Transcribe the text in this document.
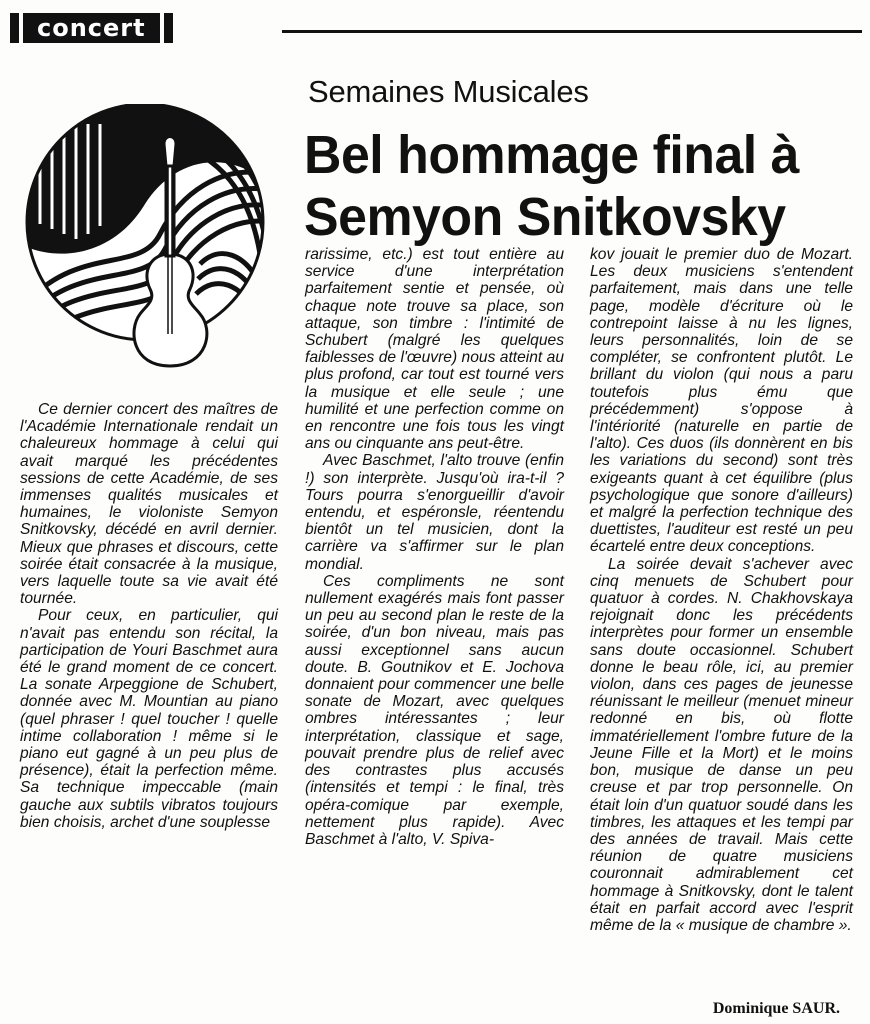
concert
Semaines Musicales
Bel hommage final à
Semyon Snitkovsky

Ce dernier concert des maîtres de l'Académie Internationale rendait un chaleureux hommage à celui qui avait marqué les précédentes sessions de cette Académie, de ses immenses qualités musicales et humaines, le violoniste Semyon Snitkovsky, décédé en avril dernier. Mieux que phrases et discours, cette soirée était consacrée à la musique, vers laquelle toute sa vie avait été tournée.

Pour ceux, en particulier, qui n'avait pas entendu son récital, la participation de Youri Baschmet aura été le grand moment de ce concert. La sonate Arpeggione de Schubert, donnée avec M. Mountian au piano (quel phraser ! quel toucher ! quelle intime collaboration ! même si le piano eut gagné à un peu plus de présence), était la perfection même. Sa technique impeccable (main gauche aux subtils vibratos toujours bien choisis, archet d'une souplesse

rarissime, etc.) est tout entière au service d'une interprétation parfaitement sentie et pensée, où chaque note trouve sa place, son attaque, son timbre : l'intimité de Schubert (malgré les quelques faiblesses de l'œuvre) nous atteint au plus profond, car tout est tourné vers la musique et elle seule ; une humilité et une perfection comme on en rencontre une fois tous les vingt ans ou cinquante ans peut-être.

Avec Baschmet, l'alto trouve (enfin !) son interprète. Jusqu'où ira-t-il ? Tours pourra s'enorgueillir d'avoir entendu, et espéronsle, réentendu bientôt un tel musicien, dont la carrière va s'affirmer sur le plan mondial.

Ces compliments ne sont nullement exagérés mais font passer un peu au second plan le reste de la soirée, d'un bon niveau, mais pas aussi exceptionnel sans aucun doute. B. Goutnikov et E. Jochova donnaient pour commencer une belle sonate de Mozart, avec quelques ombres intéressantes ; leur interprétation, classique et sage, pouvait prendre plus de relief avec des contrastes plus accusés (intensités et tempi : le final, très opéra-comique par exemple, nettement plus rapide). Avec Baschmet à l'alto, V. Spiva-

kov jouait le premier duo de Mozart. Les deux musiciens s'entendent parfaitement, mais dans une telle page, modèle d'écriture où le contrepoint laisse à nu les lignes, leurs personnalités, loin de se compléter, se confrontent plutôt. Le brillant du violon (qui nous a paru toutefois plus ému que précédemment) s'oppose à l'intériorité (naturelle en partie de l'alto). Ces duos (ils donnèrent en bis les variations du second) sont très exigeants quant à cet équilibre (plus psychologique que sonore d'ailleurs) et malgré la perfection technique des duettistes, l'auditeur est resté un peu écartelé entre deux conceptions.

La soirée devait s'achever avec cinq menuets de Schubert pour quatuor à cordes. N. Chakhovskaya rejoignait donc les précédents interprètes pour former un ensemble sans doute occasionnel. Schubert donne le beau rôle, ici, au premier violon, dans ces pages de jeunesse réunissant le meilleur (menuet mineur redonné en bis, où flotte immatériellement l'ombre future de la Jeune Fille et la Mort) et le moins bon, musique de danse un peu creuse et par trop personnelle. On était loin d'un quatuor soudé dans les timbres, les attaques et les tempi par des années de travail. Mais cette réunion de quatre musiciens couronnait admirablement cet hommage à Snitkovsky, dont le talent était en parfait accord avec l'esprit même de la « musique de chambre ».

Dominique SAUR.
